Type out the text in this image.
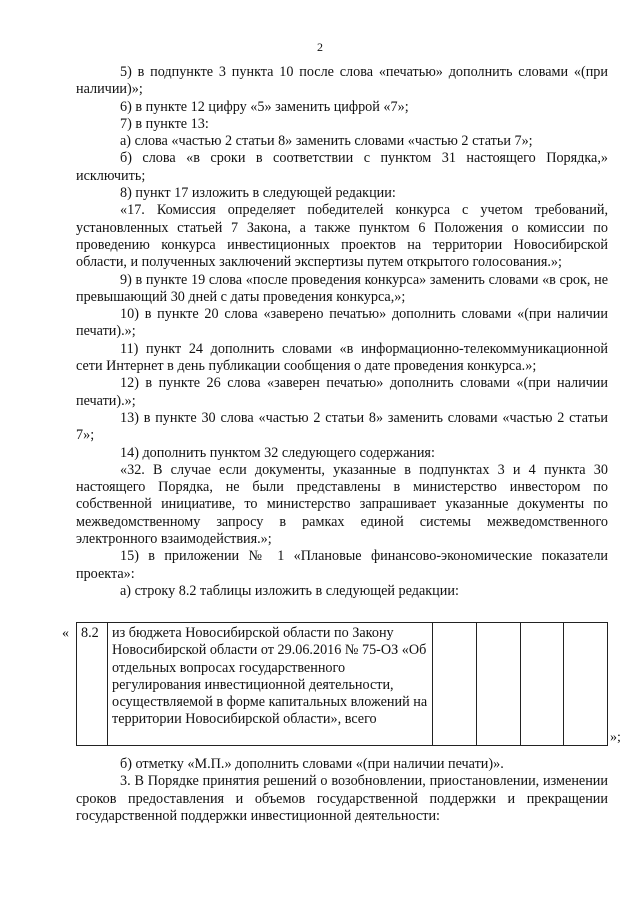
2

5) в подпункте 3 пункта 10 после слова «печатью» дополнить словами «(при наличии)»;

6) в пункте 12 цифру «5» заменить цифрой «7»;

7) в пункте 13:

а) слова «частью 2 статьи 8» заменить словами «частью 2 статьи 7»;

б) слова «в сроки в соответствии с пунктом 31 настоящего Порядка,» исключить;

8) пункт 17 изложить в следующей редакции:

«17. Комиссия определяет победителей конкурса с учетом требований, установленных статьей 7 Закона, а также пунктом 6 Положения о комиссии по проведению конкурса инвестиционных проектов на территории Новосибирской области, и полученных заключений экспертизы путем открытого голосования.»;

9) в пункте 19 слова «после проведения конкурса» заменить словами «в срок, не превышающий 30 дней с даты проведения конкурса,»;

10) в пункте 20 слова «заверено печатью» дополнить словами «(при наличии печати).»;

11) пункт 24 дополнить словами «в информационно-телекоммуникационной сети Интернет в день публикации сообщения о дате проведения конкурса.»;

12) в пункте 26 слова «заверен печатью» дополнить словами «(при наличии печати).»;

13) в пункте 30 слова «частью 2 статьи 8» заменить словами «частью 2 статьи 7»;

14) дополнить пунктом 32 следующего содержания:

«32. В случае если документы, указанные в подпунктах 3 и 4 пункта 30 настоящего Порядка, не были представлены в министерство инвестором по собственной инициативе, то министерство запрашивает указанные документы по межведомственному запросу в рамках единой системы межведомственного электронного взаимодействия.»;

15) в приложении № 1 «Плановые финансово-экономические показатели проекта»:

а) строку 8.2 таблицы изложить в следующей редакции:

« 8.2	из бюджета Новосибирской области по Закону Новосибирской области от 29.06.2016 № 75-ОЗ «Об отдельных вопросах государственного регулирования инвестиционной деятельности, осуществляемой в форме капитальных вложений на территории Новосибирской области», всего				
»;

б) отметку «М.П.» дополнить словами «(при наличии печати)».

3. В Порядке принятия решений о возобновлении, приостановлении, изменении сроков предоставления и объемов государственной поддержки и прекращении государственной поддержки инвестиционной деятельности:
